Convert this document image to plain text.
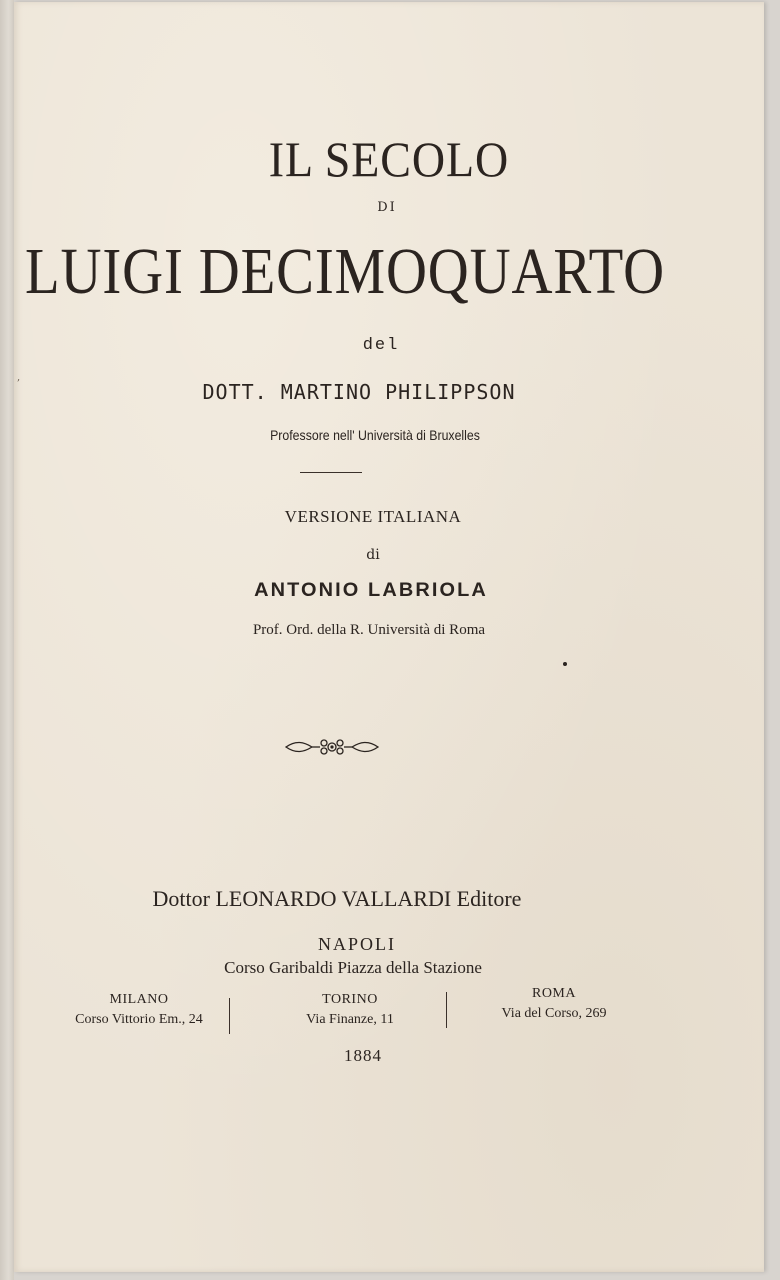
,
IL SECOLO
DI
LUIGI DECIMOQUARTO
del
DOTT. MARTINO PHILIPPSON
Professore nell' Università di Bruxelles
VERSIONE ITALIANA
di
ANTONIO LABRIOLA
Prof. Ord. della R. Università di Roma
Dottor LEONARDO VALLARDI Editore
NAPOLI
Corso Garibaldi Piazza della Stazione
MILANO
Corso Vittorio Em., 24
TORINO
Via Finanze, 11
ROMA
Via del Corso, 269
1884
